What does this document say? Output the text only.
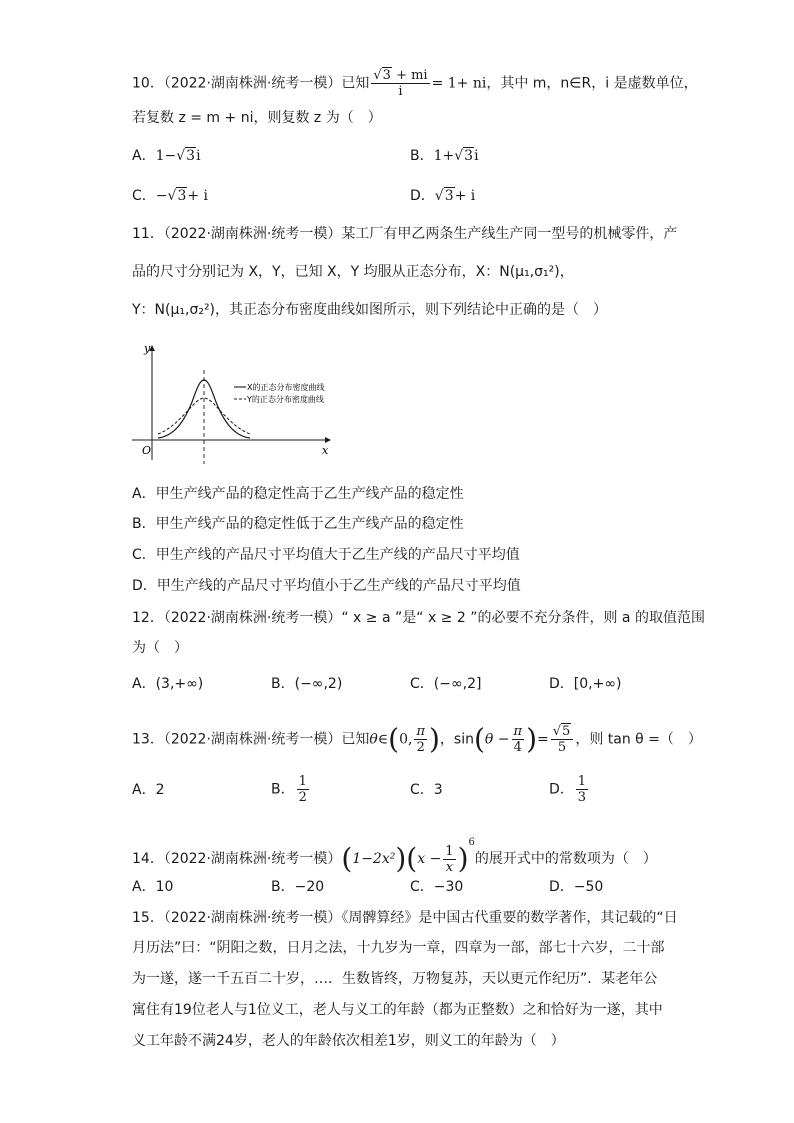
10．（2022·湖南株洲·统考一模）已知 $\frac{√3 + mi}{i} = 1+$ ni，其中 m，n∈R，i 是虚数单位，
若复数 z = m + ni，则复数 z 为（　）
A．1−√3i	B．1+√3i
C．−√3+ i	D．√3+ i
11．（2022·湖南株洲·统考一模）某工厂有甲乙两条生产线生产同一型号的机械零件，产
品的尺寸分别记为 X，Y，已知 X，Y 均服从正态分布，X：N(μ₁,σ₁²)，
Y：N(μ₁,σ₂²)，其正态分布密度曲线如图所示，则下列结论中正确的是（　）
y
x
O
X的正态分布密度曲线
Y的正态分布密度曲线
A．甲生产线产品的稳定性高于乙生产线产品的稳定性
B．甲生产线产品的稳定性低于乙生产线产品的稳定性
C．甲生产线的产品尺寸平均值大于乙生产线的产品尺寸平均值
D．甲生产线的产品尺寸平均值小于乙生产线的产品尺寸平均值
12．（2022·湖南株洲·统考一模）“ x ≥ a ”是“ x ≥ 2 ”的必要不充分条件，则 a 的取值范围
为（　）
A．(3,+∞)	B．(−∞,2)	C．(−∞,2]	D．[0,+∞)
13．（2022·湖南株洲·统考一模）已知θ∈(0, $\frac{\pi}{2}$ )，$\sin(\theta - \frac{\pi}{4}$ )= $\frac{√5}{5}$ ，则 tan θ =（　）
A．2	B． $\frac{1}{2}$	C．3	D． $\frac{1}{3}$
14．（2022·湖南株洲·统考一模）$(1-2x^2)(x - \frac{1}{x} )^6$的展开式中的常数项为（　）
A．10	B．−20	C．−30	D．−50
15．（2022·湖南株洲·统考一模）《周髀算经》是中国古代重要的数学著作，其记载的“日
月历法”曰：“阴阳之数，日月之法，十九岁为一章，四章为一部，部七十六岁，二十部
为一遂，遂一千五百二十岁，…．生数皆终，万物复苏，天以更元作纪历”．某老年公
寓住有19位老人与1位义工，老人与义工的年龄（都为正整数）之和恰好为一遂，其中
义工年龄不满24岁，老人的年龄依次相差1岁，则义工的年龄为（　）
